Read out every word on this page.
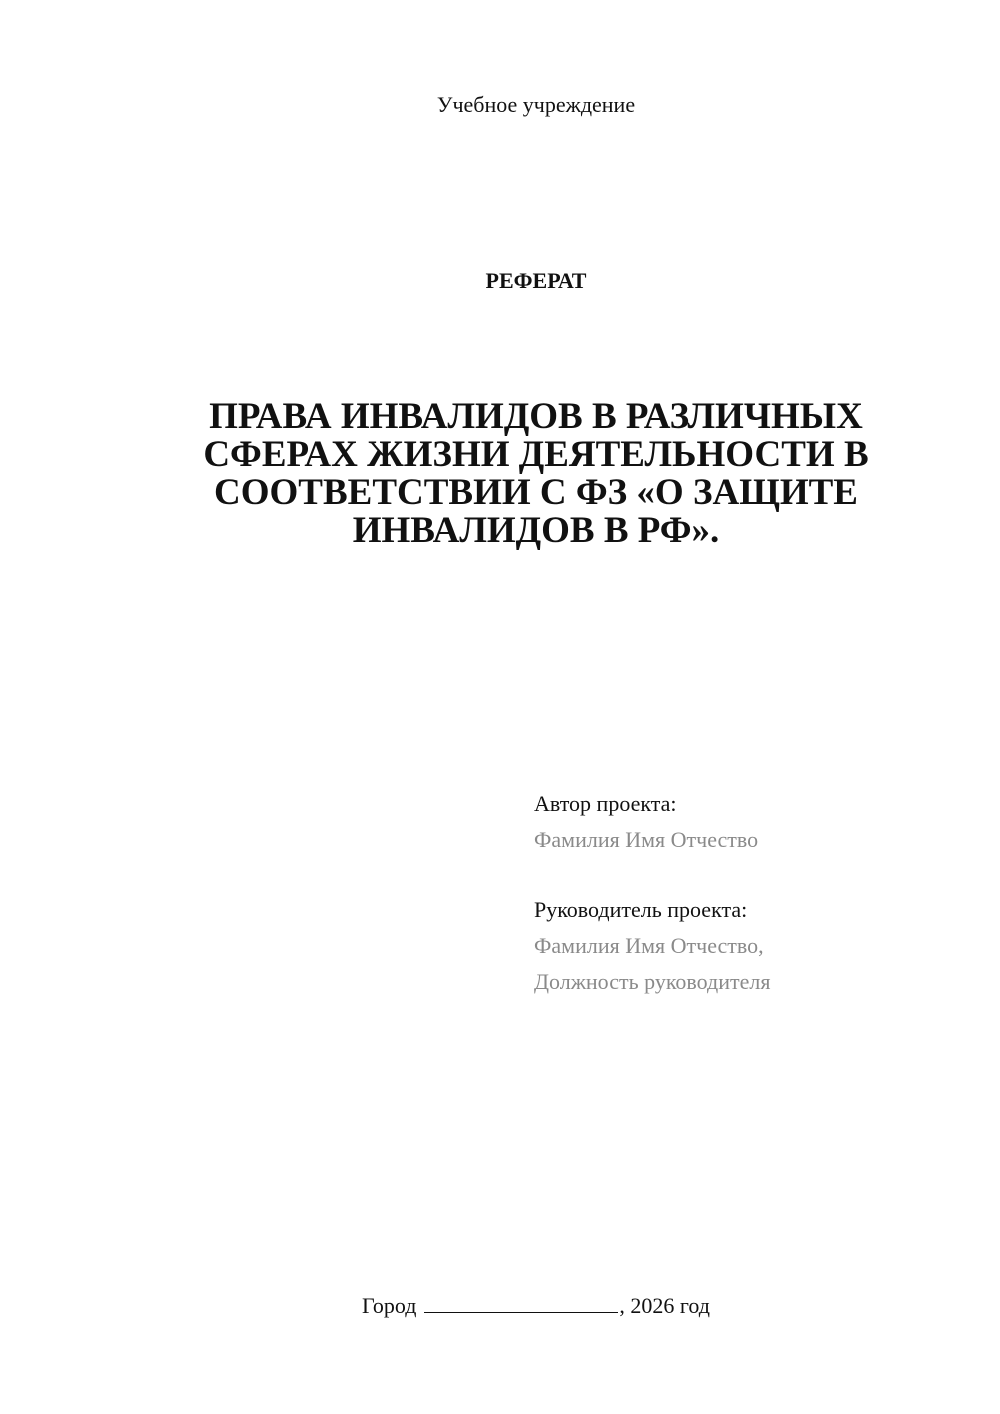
Учебное учреждение
РЕФЕРАТ
ПРАВА ИНВАЛИДОВ В РАЗЛИЧНЫХ
СФЕРАХ ЖИЗНИ ДЕЯТЕЛЬНОСТИ В
СООТВЕТСТВИИ С ФЗ «О ЗАЩИТЕ
ИНВАЛИДОВ В РФ».
Автор проекта:
Фамилия Имя Отчество
Руководитель проекта:
Фамилия Имя Отчество,
Должность руководителя
Город	, 2026 год
